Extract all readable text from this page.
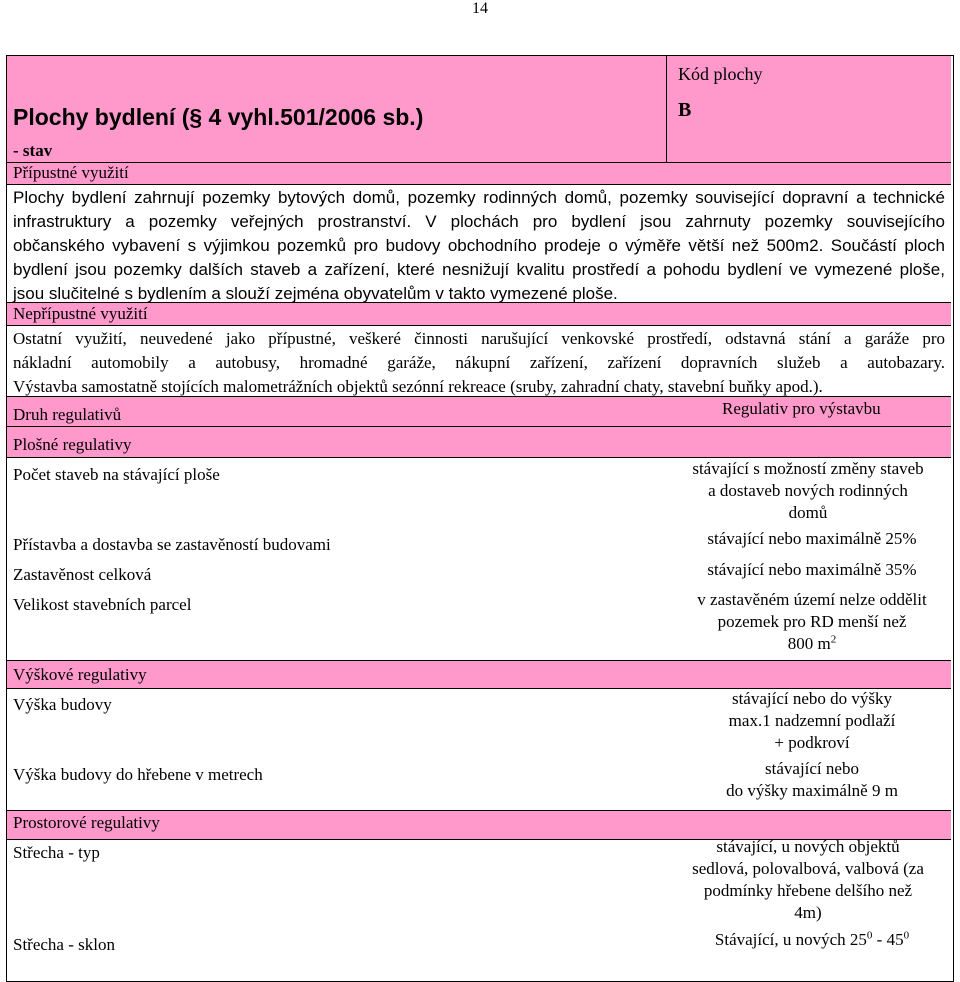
14
Plochy bydlení (§ 4 vyhl.501/2006 sb.)
- stav
Kód plochy
B
Přípustné využití
Plochy bydlení zahrnují pozemky bytových domů, pozemky rodinných domů, pozemky související dopravní a technické
infrastruktury a pozemky veřejných prostranství. V plochách pro bydlení jsou zahrnuty pozemky souvisejícího
občanského vybavení s výjimkou pozemků pro budovy obchodního prodeje o výměře větší než 500m2. Součástí ploch
bydlení jsou pozemky dalších staveb a zařízení, které nesnižují kvalitu prostředí a pohodu bydlení ve vymezené ploše,
jsou slučitelné s bydlením a slouží zejména obyvatelům v takto vymezené ploše.
Nepřípustné využití
Ostatní využití, neuvedené jako přípustné, veškeré činnosti narušující venkovské prostředí, odstavná stání a garáže pro
nákladní automobily a autobusy, hromadné garáže, nákupní zařízení, zařízení dopravních služeb a autobazary.
Výstavba samostatně stojících malometrážních objektů sezónní rekreace (sruby, zahradní chaty, stavební buňky apod.).
Druh regulativů	Regulativ pro výstavbu
Plošné regulativy
Počet staveb na stávající ploše	stávající s možností změny staveb
a dostaveb nových rodinných
domů
Přístavba a dostavba se zastavěností budovami	stávající nebo maximálně 25%
Zastavěnost celková	stávající nebo maximálně 35%
Velikost stavebních parcel	v zastavěném území nelze oddělit
pozemek pro RD menší než
800 $m^2$
Výškové regulativy
Výška budovy	stávající nebo do výšky
max.1 nadzemní podlaží
+ podkroví
Výška budovy do hřebene v metrech	stávající nebo
do výšky maximálně 9 m
Prostorové regulativy
Střecha - typ	stávající, u nových objektů
sedlová, polovalbová, valbová (za
podmínky hřebene delšího než
4m)
Střecha - sklon	Stávající, u nových $25^0 - 45^0$
